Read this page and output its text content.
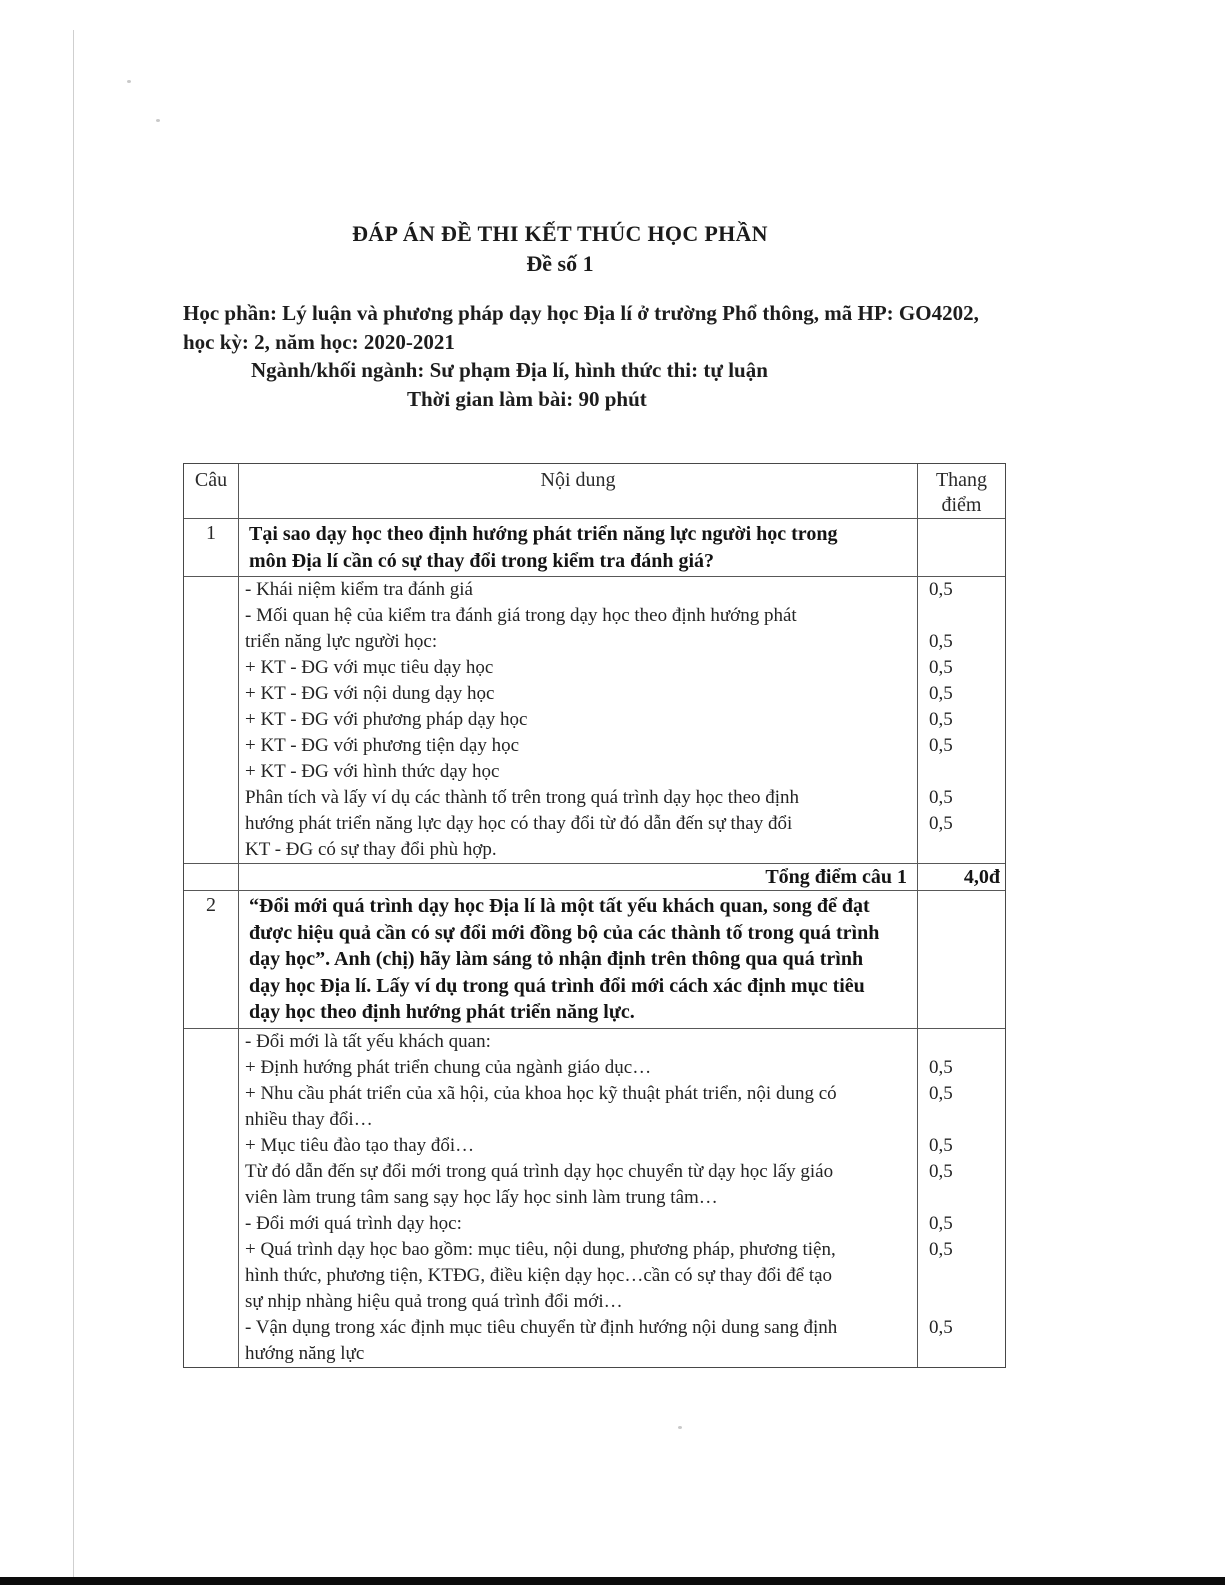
ĐÁP ÁN ĐỀ THI KẾT THÚC HỌC PHẦN
Đề số 1
Học phần: Lý luận và phương pháp dạy học Địa lí ở trường Phổ thông, mã HP: GO4202,
học kỳ: 2, năm học: 2020-2021
Ngành/khối ngành: Sư phạm Địa lí, hình thức thi: tự luận
Thời gian làm bài: 90 phút
Câu	Nội dung	Thang điểm
1	Tại sao dạy học theo định hướng phát triển năng lực người học trong
môn Địa lí cần có sự thay đổi trong kiểm tra đánh giá?
- Khái niệm kiểm tra đánh giá	0,5
- Mối quan hệ của kiểm tra đánh giá trong dạy học theo định hướng phát
triển năng lực người học:	0,5
+ KT - ĐG với mục tiêu dạy học	0,5
+ KT - ĐG với nội dung dạy học	0,5
+ KT - ĐG với phương pháp dạy học	0,5
+ KT - ĐG với phương tiện dạy học	0,5
+ KT - ĐG với hình thức dạy học
Phân tích và lấy ví dụ các thành tố trên trong quá trình dạy học theo định	0,5
hướng phát triển năng lực dạy học có thay đổi từ đó dẫn đến sự thay đổi	0,5
KT - ĐG có sự thay đổi phù hợp.
Tổng điểm câu 1	4,0đ
2	“Đổi mới quá trình dạy học Địa lí là một tất yếu khách quan, song để đạt
được hiệu quả cần có sự đổi mới đồng bộ của các thành tố trong quá trình
dạy học”. Anh (chị) hãy làm sáng tỏ nhận định trên thông qua quá trình
dạy học Địa lí. Lấy ví dụ trong quá trình đổi mới cách xác định mục tiêu
dạy học theo định hướng phát triển năng lực.
- Đổi mới là tất yếu khách quan:
+ Định hướng phát triển chung của ngành giáo dục…	0,5
+ Nhu cầu phát triển của xã hội, của khoa học kỹ thuật phát triển, nội dung có	0,5
nhiều thay đổi…
+ Mục tiêu đào tạo thay đổi…	0,5
Từ đó dẫn đến sự đổi mới trong quá trình dạy học chuyển từ dạy học lấy giáo	0,5
viên làm trung tâm sang sạy học lấy học sinh làm trung tâm…
- Đổi mới quá trình dạy học:	0,5
+ Quá trình dạy học bao gồm: mục tiêu, nội dung, phương pháp, phương tiện,	0,5
hình thức, phương tiện, KTĐG, điều kiện dạy học…cần có sự thay đổi để tạo
sự nhịp nhàng hiệu quả trong quá trình đổi mới…
- Vận dụng trong xác định mục tiêu chuyển từ định hướng nội dung sang định	0,5
hướng năng lực
